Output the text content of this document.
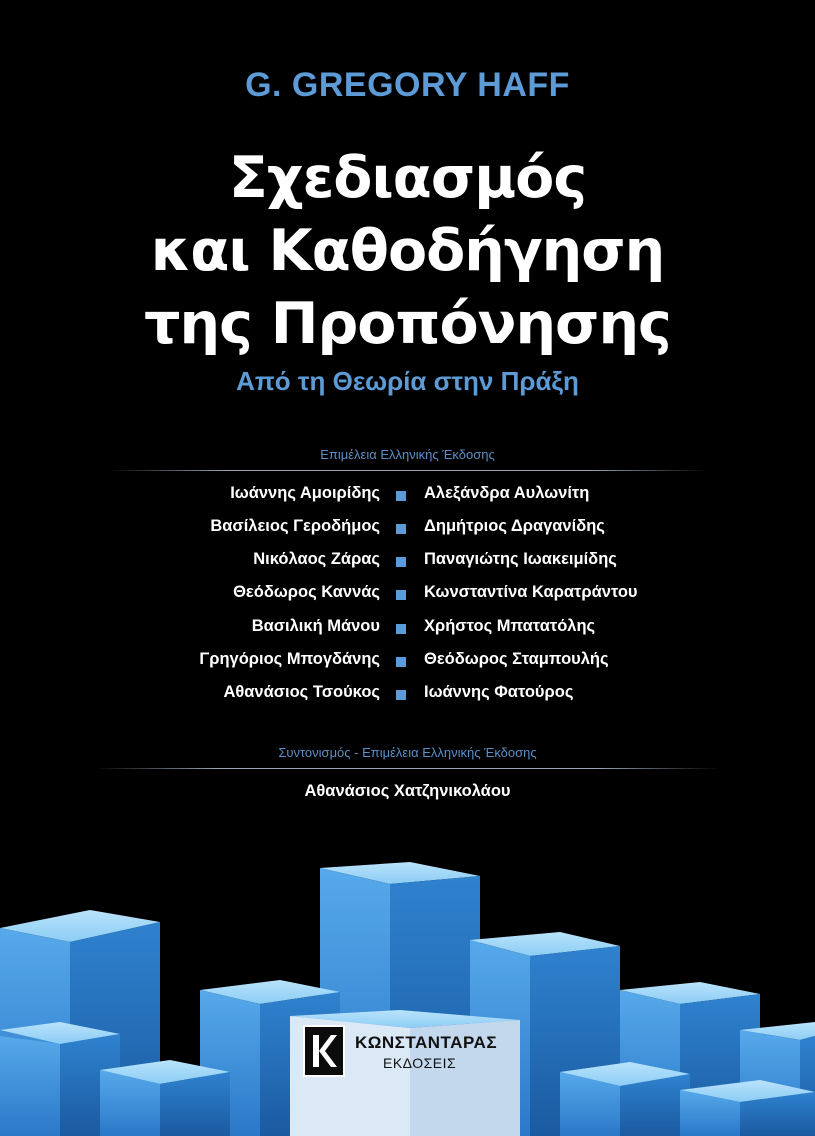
G. GREGORY HAFF
Σχεδιασμός
και Καθοδήγηση
της Προπόνησης
Από τη Θεωρία στην Πράξη
Επιμέλεια Ελληνικής Έκδοσης
Ιωάννης Αμοιρίδης	Αλεξάνδρα Αυλωνίτη
Βασίλειος Γεροδήμος	Δημήτριος Δραγανίδης
Νικόλαος Ζάρας	Παναγιώτης Ιωακειμίδης
Θεόδωρος Καννάς	Κωνσταντίνα Καρατράντου
Βασιλική Μάνου	Χρήστος Μπατατόλης
Γρηγόριος Μπογδάνης	Θεόδωρος Σταμπουλής
Αθανάσιος Τσούκος	Ιωάννης Φατούρος
Συντονισμός - Επιμέλεια Ελληνικής Έκδοσης
Αθανάσιος Χατζηνικολάου
ΚΩΝΣΤΑΝΤΑΡΑΣ
ΕΚΔΟΣΕΙΣ
